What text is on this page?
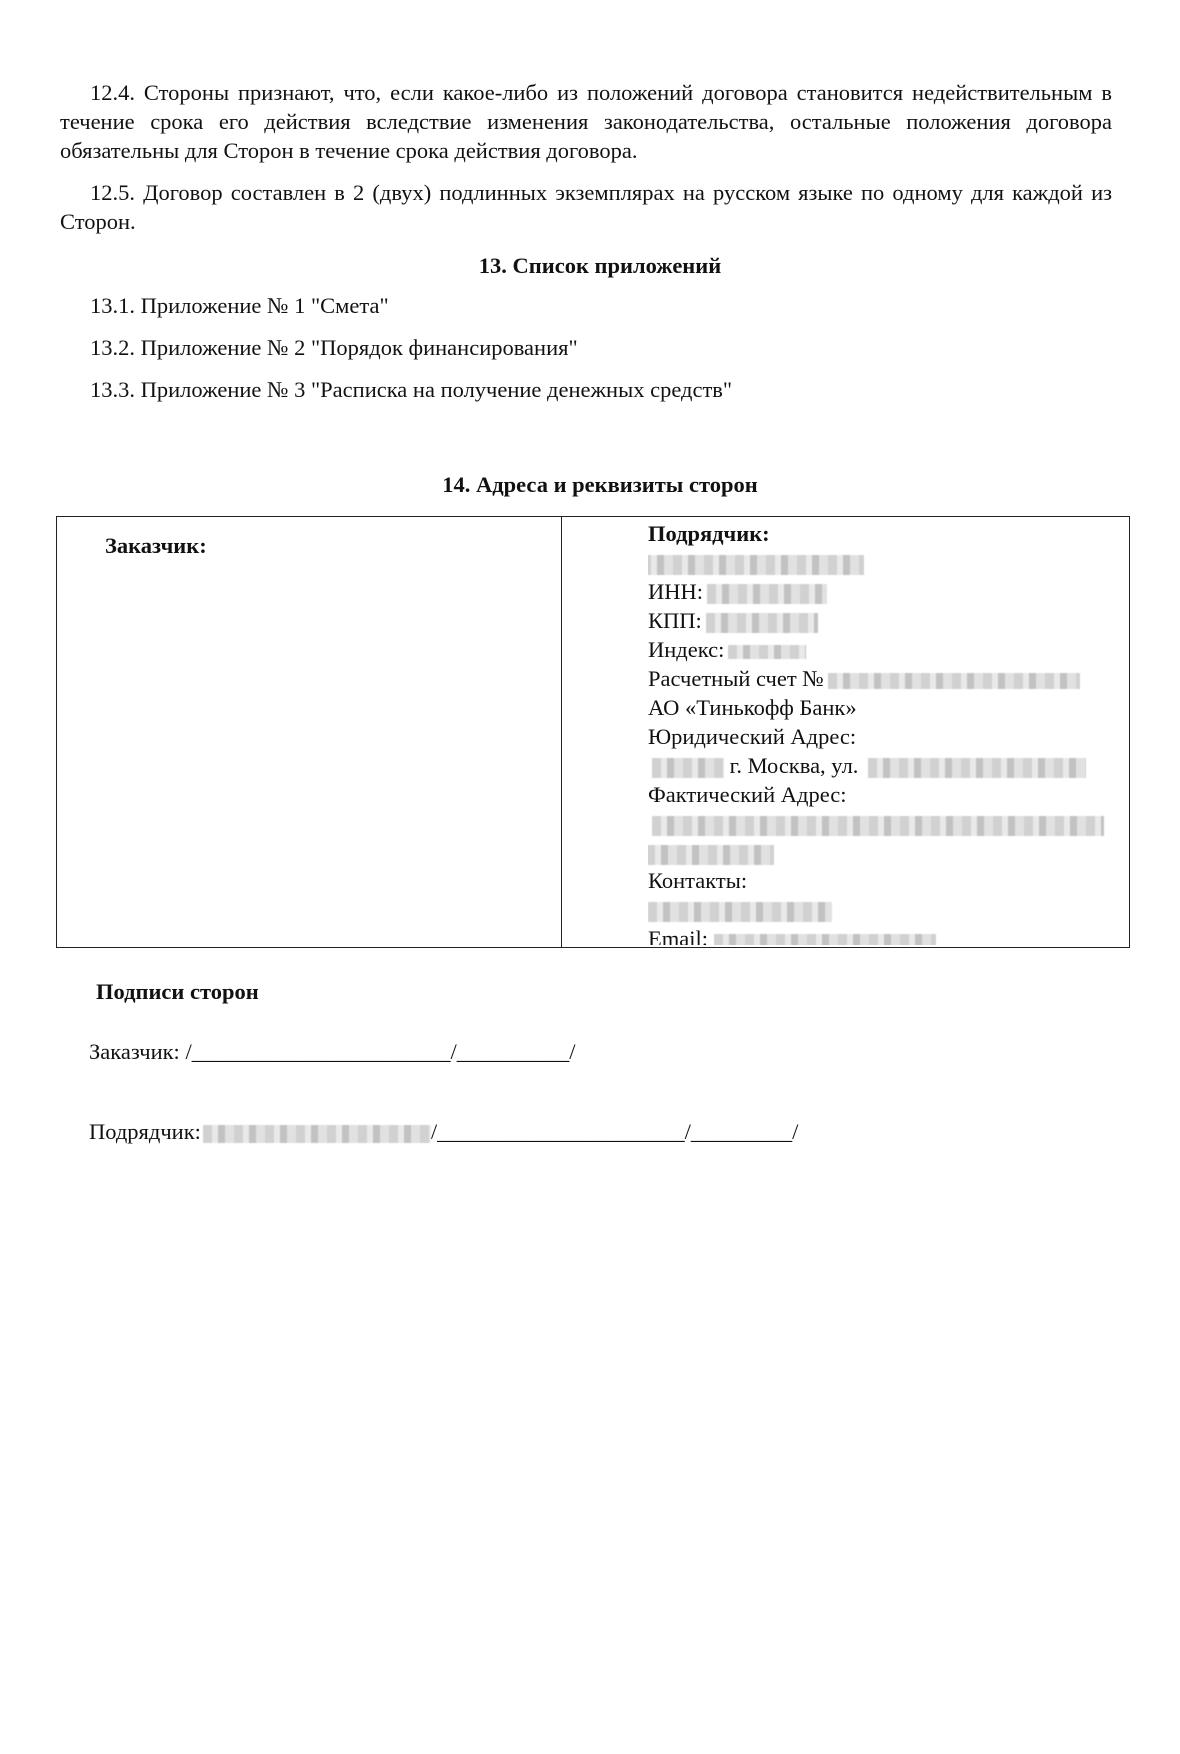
12.4. Стороны признают, что, если какое-либо из положений договора становится недействительным в течение срока его действия вследствие изменения законодательства, остальные положения договора обязательны для Сторон в течение срока действия договора.

12.5. Договор составлен в 2 (двух) подлинных экземплярах на русском языке по одному для каждой из Сторон.

13. Список приложений

13.1. Приложение № 1 "Смета"

13.2. Приложение № 2 "Порядок финансирования"

13.3. Приложение № 3 "Расписка на получение денежных средств"

14. Адреса и реквизиты сторон

Заказчик:	Подрядчик:
ИНН:
КПП:
Индекс:
Расчетный счет №
АО «Тинькофф Банк»
Юридический Адрес:
г. Москва, ул.
Фактический Адрес:
Контакты:
Email:

Подписи сторон

Заказчик: /_______________________/__________/

Подрядчик:	/______________________/_________/
